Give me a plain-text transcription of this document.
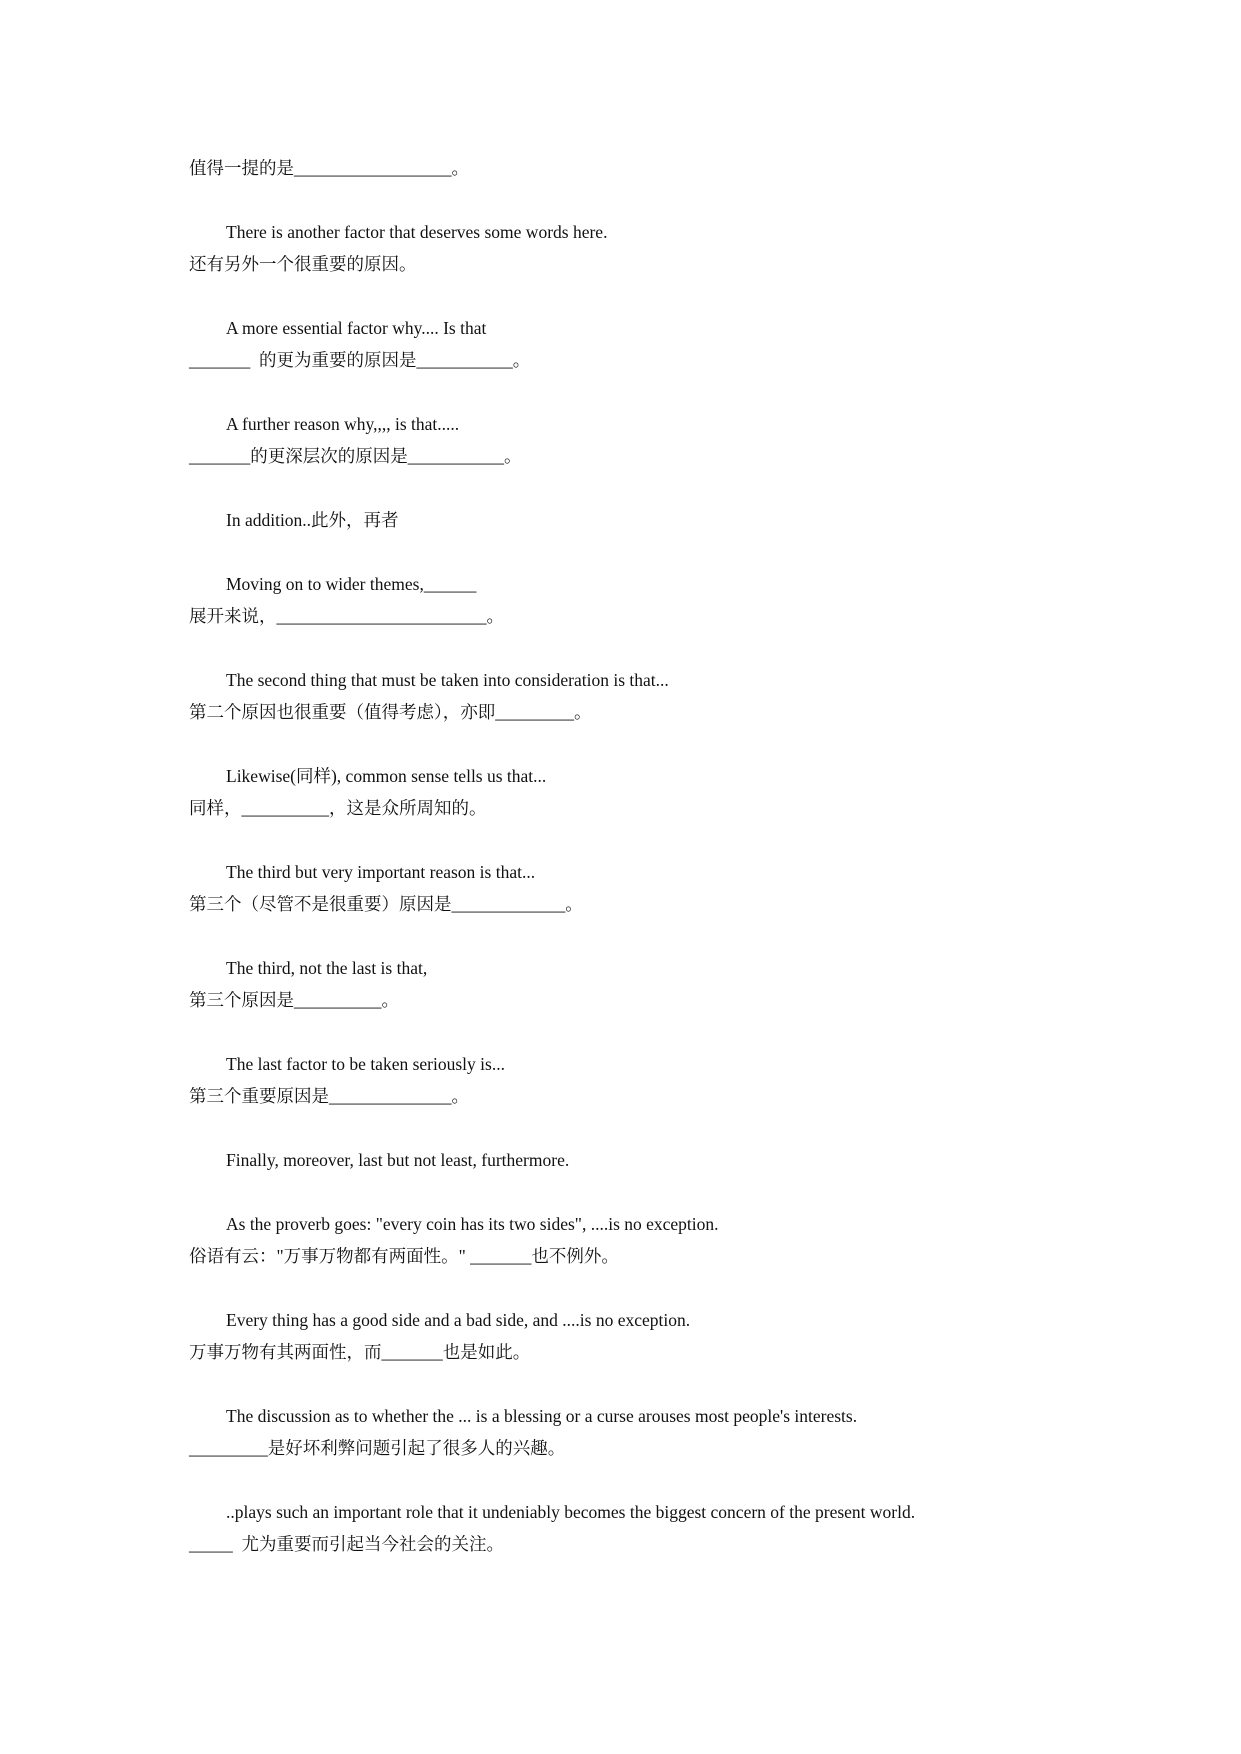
值得一提的是__________________。
There is another factor that deserves some words here.
还有另外一个很重要的原因。
A more essential factor why.... Is that
_______  的更为重要的原因是___________。
A further reason why,,,, is that.....
_______的更深层次的原因是___________。
In addition..此外，再者
Moving on to wider themes,______
展开来说，________________________。
The second thing that must be taken into consideration is that...
第二个原因也很重要（值得考虑），亦即_________。
Likewise(同样), common sense tells us that...
同样，__________，这是众所周知的。
The third but very important reason is that...
第三个（尽管不是很重要）原因是_____________。
The third, not the last is that,
第三个原因是__________。
The last factor to be taken seriously is...
第三个重要原因是______________。
Finally, moreover, last but not least, furthermore.
As the proverb goes: "every coin has its two sides", ....is no exception.
俗语有云："万事万物都有两面性。" _______也不例外。
Every thing has a good side and a bad side, and ....is no exception.
万事万物有其两面性，而_______也是如此。
The discussion as to whether the ... is a blessing or a curse arouses most people's interests.
_________是好坏利弊问题引起了很多人的兴趣。
..plays such an important role that it undeniably becomes the biggest concern of the present world.
_____  尤为重要而引起当今社会的关注。
